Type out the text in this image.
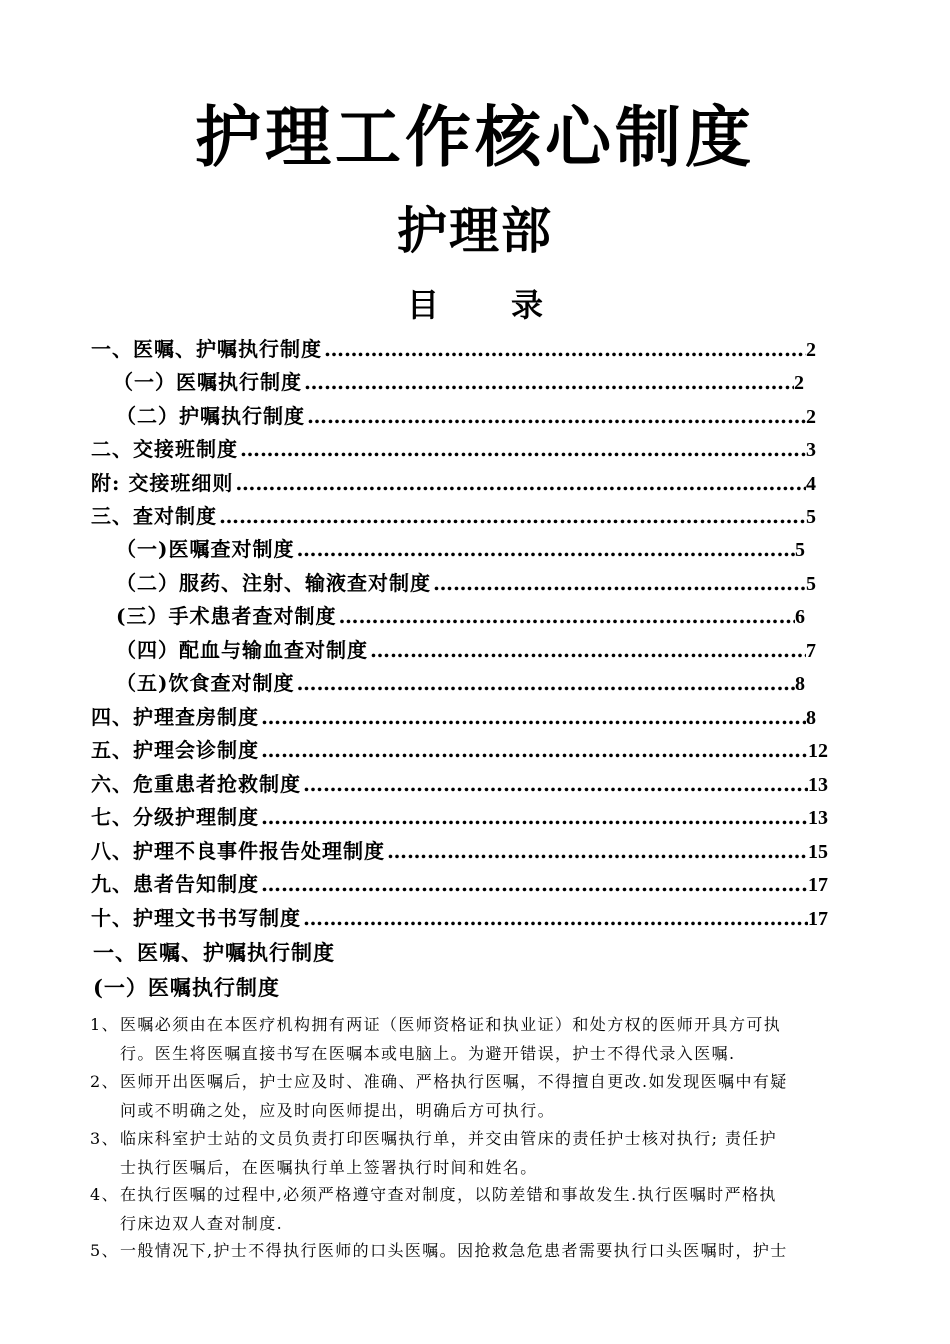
护理工作核心制度
护理部
目 录
一、医嘱、护嘱执行制度 ……………………………………………………………………………………………………………………………………………………………………………………	2
（一）医嘱执行制度 ……………………………………………………………………………………………………………………………………………………………………………………	2
（二）护嘱执行制度 ……………………………………………………………………………………………………………………………………………………………………………………	2
二、交接班制度 ……………………………………………………………………………………………………………………………………………………………………………………	3
附: 交接班细则 ……………………………………………………………………………………………………………………………………………………………………………………	4
三、查对制度 ……………………………………………………………………………………………………………………………………………………………………………………	5
（一)医嘱查对制度 ……………………………………………………………………………………………………………………………………………………………………………………	5
（二）服药、注射、输液查对制度 ……………………………………………………………………………………………………………………………………………………………………………………	5
(三）手术患者查对制度 ……………………………………………………………………………………………………………………………………………………………………………………	6
（四）配血与输血查对制度 ……………………………………………………………………………………………………………………………………………………………………………………	7
（五)饮食查对制度 ……………………………………………………………………………………………………………………………………………………………………………………	8
四、护理查房制度 ……………………………………………………………………………………………………………………………………………………………………………………	8
五、护理会诊制度 ……………………………………………………………………………………………………………………………………………………………………………………	12
六、危重患者抢救制度 ……………………………………………………………………………………………………………………………………………………………………………………	13
七、分级护理制度 ……………………………………………………………………………………………………………………………………………………………………………………	13
八、护理不良事件报告处理制度 ……………………………………………………………………………………………………………………………………………………………………………………	15
九、患者告知制度 ……………………………………………………………………………………………………………………………………………………………………………………	17
十、护理文书书写制度 ……………………………………………………………………………………………………………………………………………………………………………………	17
一、医嘱、护嘱执行制度
(一）医嘱执行制度
1、医嘱必须由在本医疗机构拥有两证（医师资格证和执业证）和处方权的医师开具方可执
行。医生将医嘱直接书写在医嘱本或电脑上。为避开错误，护士不得代录入医嘱.
2、医师开出医嘱后，护士应及时、准确、严格执行医嘱，不得擅自更改.如发现医嘱中有疑
问或不明确之处，应及时向医师提出，明确后方可执行。
3、临床科室护士站的文员负责打印医嘱执行单，并交由管床的责任护士核对执行; 责任护
士执行医嘱后，在医嘱执行单上签署执行时间和姓名。
4、在执行医嘱的过程中,必须严格遵守查对制度，以防差错和事故发生.执行医嘱时严格执
行床边双人查对制度.
5、一般情况下,护士不得执行医师的口头医嘱。因抢救急危患者需要执行口头医嘱时，护士
